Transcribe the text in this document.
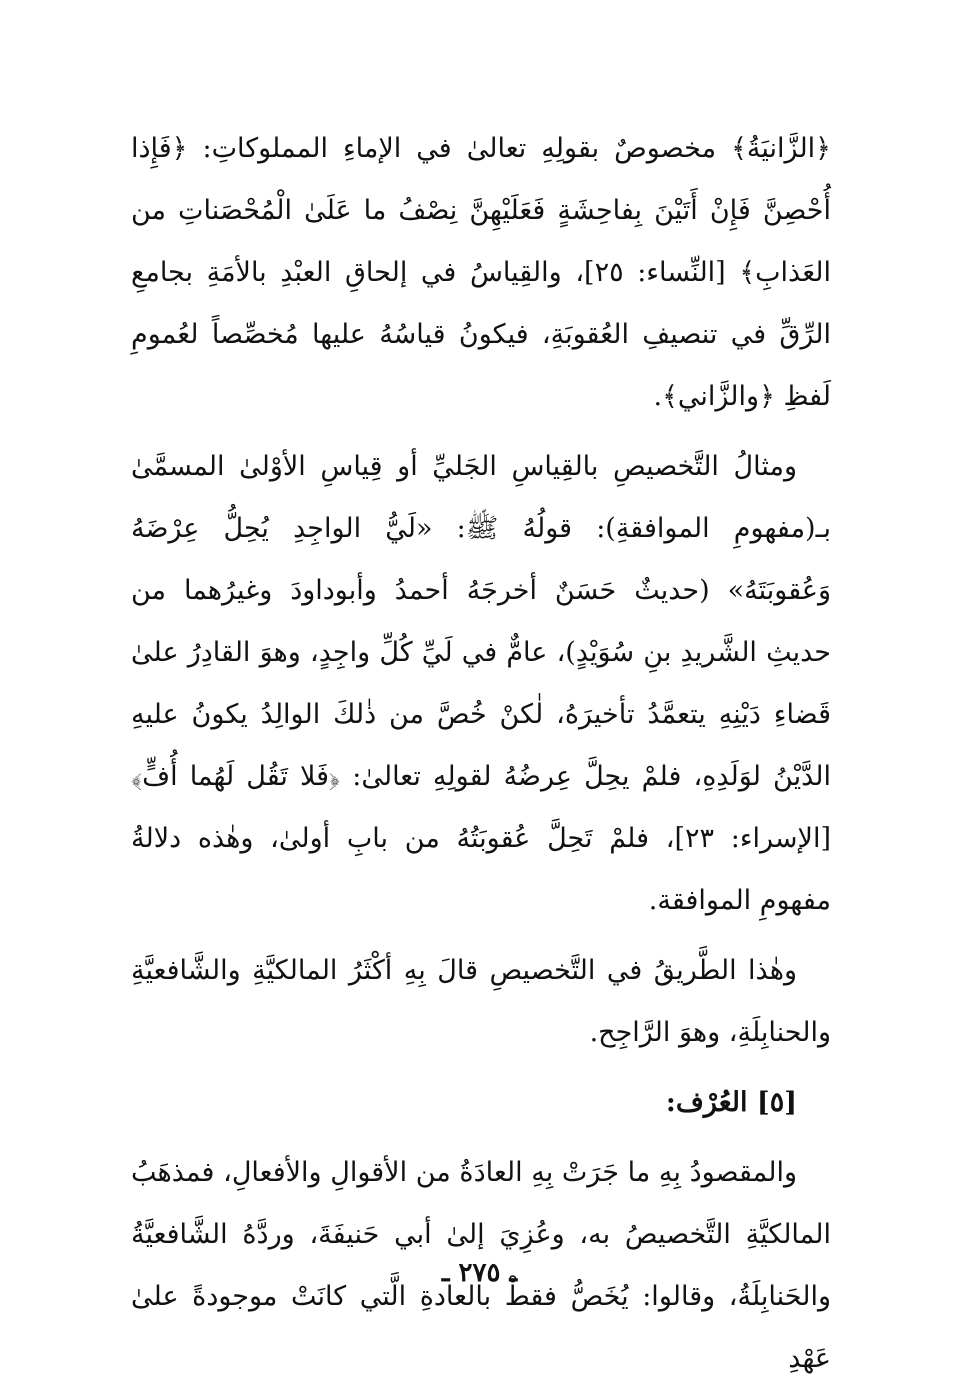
﴿الزَّانيَةُ﴾ مخصوصٌ بقولِهِ تعالىٰ في الإماءِ المملوكاتِ: ﴿فَإِذا أُحْصِنَّ فَإِنْ أَتَيْنَ بِفاحِشَةٍ فَعَلَيْهِنَّ نِصْفُ ما عَلَىٰ الْمُحْصَناتِ من العَذابِ﴾ [النِّساء: ٢٥]، والقِياسُ في إلحاقِ العبْدِ بالأمَةِ بجامعِ الرِّقِّ في تنصيفِ العُقوبَةِ، فيكونُ قياسُهُ عليها مُخصِّصاً لعُمومِ لَفظِ ﴿والزَّاني﴾.

ومثالُ التَّخصيصِ بالقِياسِ الجَليِّ أو قِياسِ الأوْلىٰ المسمَّىٰ بـ(مفهومِ الموافقةِ): قولُهُ ﷺ: «لَيُّ الواجِدِ يُحِلُّ عِرْضَهُ وَعُقوبَتَهُ» (حديثٌ حَسَنٌ أخرجَهُ أحمدُ وأبوداودَ وغيرُهما من حديثِ الشَّريدِ بنِ سُوَيْدٍ)، عامٌّ في لَيِّ كُلِّ واجِدٍ، وهوَ القادِرُ علىٰ قَضاءِ دَيْنِهِ يتعمَّدُ تأخيرَهُ، لٰكنْ خُصَّ من ذٰلكَ الوالِدُ يكونُ عليهِ الدَّيْنُ لوَلَدِهِ، فلمْ يحِلَّ عِرضُهُ لقولِهِ تعالىٰ: ﴿فَلا تَقُل لَهُما أُفٍّ﴾ [الإسراء: ٢٣]، فلمْ تَحِلَّ عُقوبَتُهُ من بابِ أولىٰ، وهٰذه دلالةُ مفهومِ الموافقة.

وهٰذا الطَّريقُ في التَّخصيصِ قالَ بِهِ أكْثَرُ المالكيَّةِ والشَّافعيَّةِ والحنابِلَةِ، وهوَ الرَّاجِح.

[٥] العُرْف:

والمقصودُ بِهِ ما جَرَتْ بِهِ العادَةُ من الأقوالِ والأفعالِ، فمذهَبُ المالكيَّةِ التَّخصيصُ به، وعُزِيَ إلىٰ أبي حَنيفَةَ، وردَّهُ الشَّافعيَّةُ والحَنابِلَةُ، وقالوا: يُخَصُّ فقطْ بالعادةِ الَّتي كانَتْ موجودةً علىٰ عَهْدِ

ـ ٢٧٥ ـ
